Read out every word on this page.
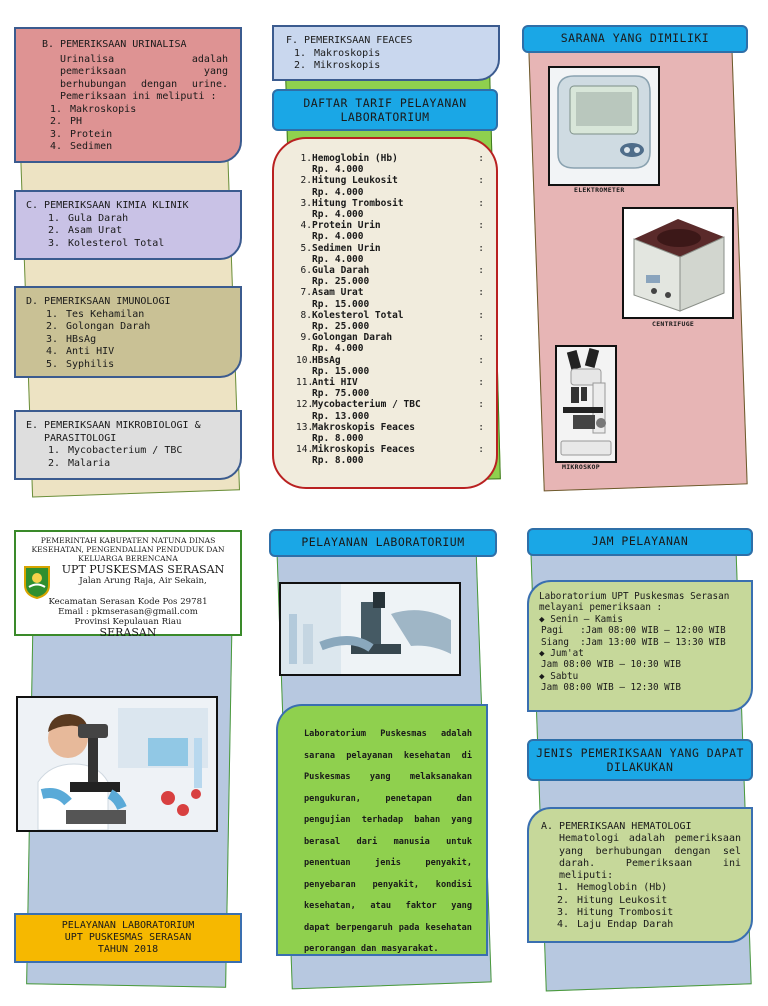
B. PEMERIKSAAN URINALISA
Urinalisa adalah pemeriksaan yang berhubungan dengan urine. Pemeriksaan ini meliputi :
1. Makroskopis
2. PH
3. Protein
4. Sedimen
C. PEMERIKSAAN KIMIA KLINIK
1. Gula Darah
2. Asam Urat
3. Kolesterol Total
D. PEMERIKSAAN IMUNOLOGI
1. Tes Kehamilan
2. Golongan Darah
3. HBsAg
4. Anti HIV
5. Syphilis
E. PEMERIKSAAN MIKROBIOLOGI &
PARASITOLOGI
1. Mycobacterium / TBC
2. Malaria
F. PEMERIKSAAN FEACES
1. Makroskopis
2. Mikroskopis
DAFTAR TARIF PELAYANAN LABORATORIUM
1. Hemoglobin (Hb)	:
Rp. 4.000
2. Hitung Leukosit	:
Rp. 4.000
3. Hitung Trombosit	:
Rp. 4.000
4. Protein Urin	:
Rp. 4.000
5. Sedimen Urin	:
Rp. 4.000
6. Gula Darah	:
Rp. 25.000
7. Asam Urat	:
Rp. 15.000
8. Kolesterol Total	:
Rp. 25.000
9. Golongan Darah	:
Rp. 4.000
10.
HBsAg	:
Rp. 15.000
11.
Anti HIV	:
Rp. 75.000
12.
Mycobacterium / TBC	:
Rp. 13.000
13.
Makroskopis Feaces	:
Rp. 8.000
14.
Mikroskopis Feaces	:
Rp. 8.000
SARANA YANG DIMILIKI
ELEKTROMETER
CENTRIFUGE
MIKROSKOP
PEMERINTAH KABUPATEN NATUNA DINAS
KESEHATAN, PENGENDALIAN PENDUDUK DAN
KELUARGA BERENCANA
UPT PUSKESMAS SERASAN
Jalan Arung Raja, Air Sekain,
Kecamatan Serasan Kode Pos 29781
Email : pkmserasan@gmail.com
Provinsi Kepulauan Riau
SERASAN
PELAYANAN LABORATORIUM
UPT PUSKESMAS SERASAN
TAHUN 2018
PELAYANAN LABORATORIUM
Laboratorium Puskesmas adalah sarana pelayanan kesehatan di Puskesmas yang melaksanakan pengukuran, penetapan dan pengujian terhadap bahan yang berasal dari manusia untuk penentuan jenis penyakit, penyebaran penyakit, kondisi kesehatan, atau faktor yang dapat berpengaruh pada kesehatan perorangan dan masyarakat.
JAM PELAYANAN
Laboratorium UPT Puskesmas Serasan melayani pemeriksaan :
◆ Senin – Kamis
Pagi   :Jam 08:00 WIB – 12:00 WIB
Siang  :Jam 13:00 WIB – 13:30 WIB
◆ Jum'at
Jam 08:00 WIB – 10:30 WIB
◆ Sabtu
Jam 08:00 WIB – 12:30 WIB
JENIS PEMERIKSAAN YANG DAPAT DILAKUKAN
A. PEMERIKSAAN HEMATOLOGI
Hematologi adalah pemeriksaan yang berhubungan dengan sel darah. Pemeriksaan ini meliputi:
1. Hemoglobin (Hb)
2. Hitung Leukosit
3. Hitung Trombosit
4. Laju Endap Darah
